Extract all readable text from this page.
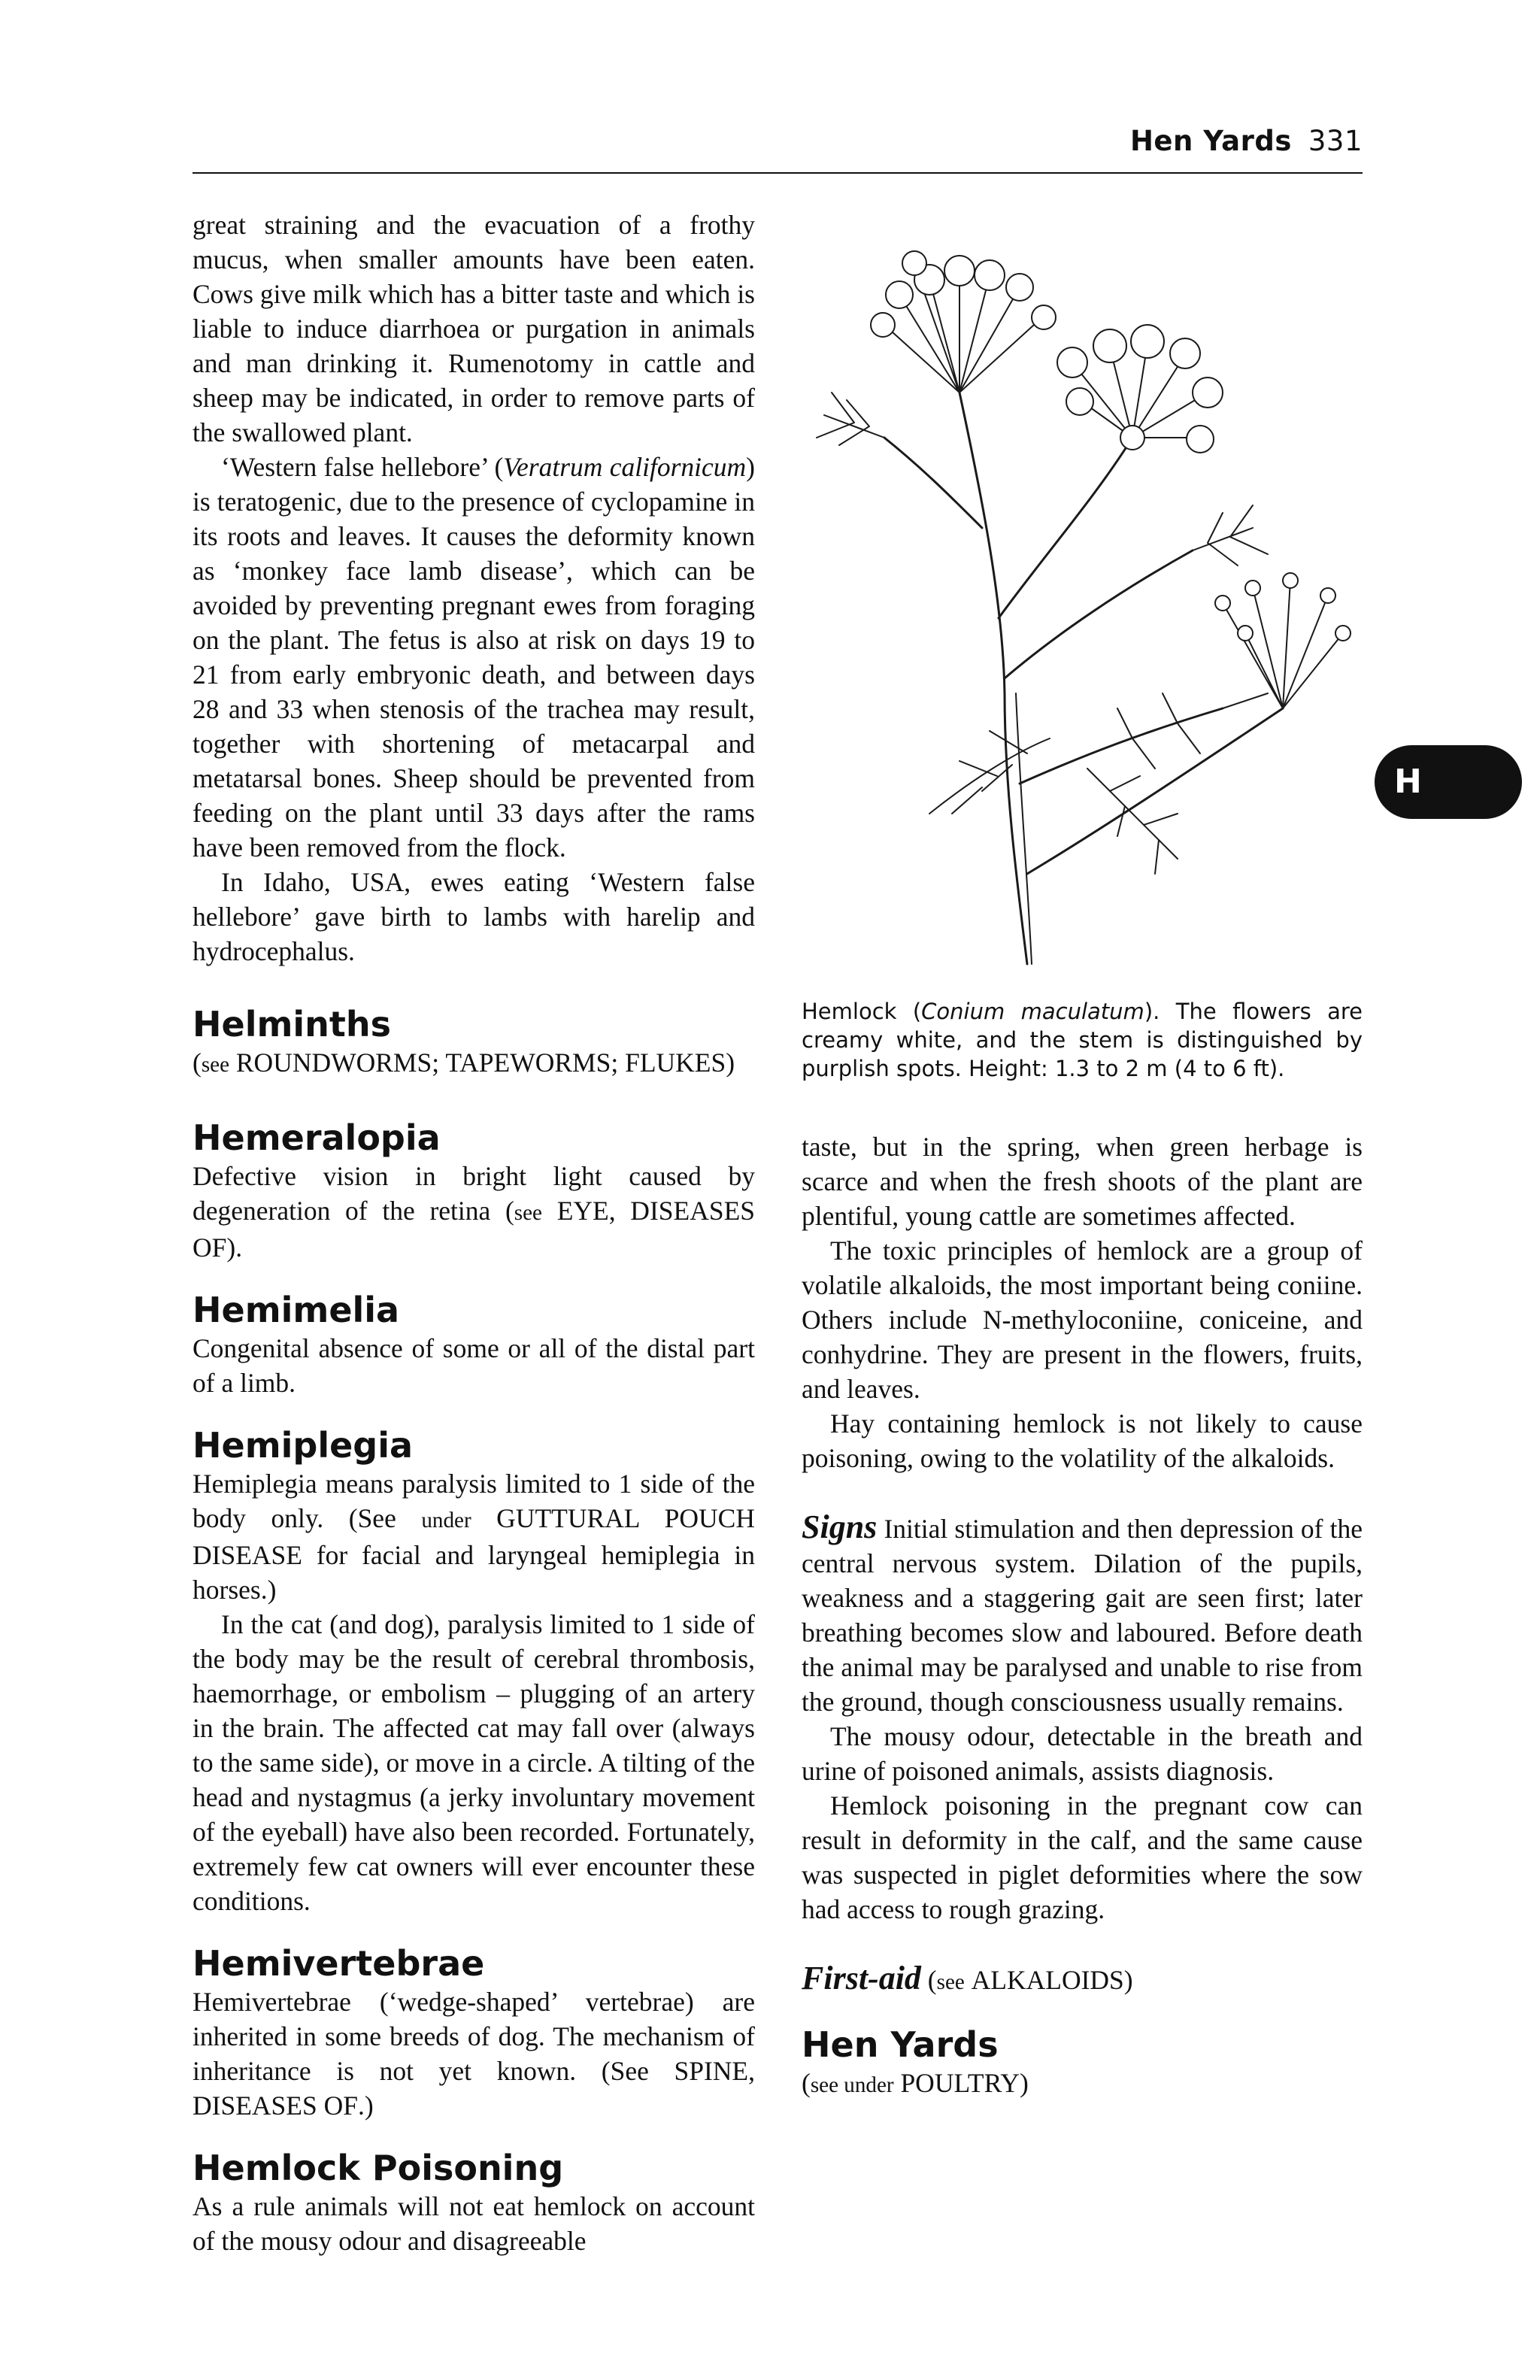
Hen Yards 331
H

great straining and the evacuation of a frothy mucus, when smaller amounts have been eaten. Cows give milk which has a bitter taste and which is liable to induce diarrhoea or purgation in animals and man drinking it. Rumenotomy in cattle and sheep may be indicated, in order to remove parts of the swallowed plant.

‘Western false hellebore’ (Veratrum californicum) is teratogenic, due to the presence of cyclopamine in its roots and leaves. It causes the deformity known as ‘monkey face lamb disease’, which can be avoided by preventing pregnant ewes from foraging on the plant. The fetus is also at risk on days 19 to 21 from early embryonic death, and between days 28 and 33 when stenosis of the trachea may result, together with shortening of metacarpal and metatarsal bones. Sheep should be prevented from feeding on the plant until 33 days after the rams have been removed from the flock.

In Idaho, USA, ewes eating ‘Western false hellebore’ gave birth to lambs with harelip and hydrocephalus.

Helminths

(see ROUNDWORMS; TAPEWORMS; FLUKES)

Hemeralopia

Defective vision in bright light caused by degeneration of the retina (see EYE, DISEASES OF).

Hemimelia

Congenital absence of some or all of the distal part of a limb.

Hemiplegia

Hemiplegia means paralysis limited to 1 side of the body only. (See under GUTTURAL POUCH DISEASE for facial and laryngeal hemiplegia in horses.)

In the cat (and dog), paralysis limited to 1 side of the body may be the result of cerebral thrombosis, haemorrhage, or embolism – plugging of an artery in the brain. The affected cat may fall over (always to the same side), or move in a circle. A tilting of the head and nystagmus (a jerky involuntary movement of the eyeball) have also been recorded. Fortunately, extremely few cat owners will ever encounter these conditions.

Hemivertebrae

Hemivertebrae (‘wedge-shaped’ vertebrae) are inherited in some breeds of dog. The mechanism of inheritance is not yet known. (See SPINE, DISEASES OF.)

Hemlock Poisoning

As a rule animals will not eat hemlock on account of the mousy odour and disagreeable

Hemlock (Conium maculatum). The flowers are creamy white, and the stem is distinguished by purplish spots. Height: 1.3 to 2 m (4 to 6 ft).

taste, but in the spring, when green herbage is scarce and when the fresh shoots of the plant are plentiful, young cattle are sometimes affected.

The toxic principles of hemlock are a group of volatile alkaloids, the most important being coniine. Others include N-methyloconiine, coniceine, and conhydrine. They are present in the flowers, fruits, and leaves.

Hay containing hemlock is not likely to cause poisoning, owing to the volatility of the alkaloids.

Signs Initial stimulation and then depression of the central nervous system. Dilation of the pupils, weakness and a staggering gait are seen first; later breathing becomes slow and laboured. Before death the animal may be paralysed and unable to rise from the ground, though consciousness usually remains.

The mousy odour, detectable in the breath and urine of poisoned animals, assists diagnosis.

Hemlock poisoning in the pregnant cow can result in deformity in the calf, and the same cause was suspected in piglet deformities where the sow had access to rough grazing.

First-aid (see ALKALOIDS)

Hen Yards

(see under POULTRY)
